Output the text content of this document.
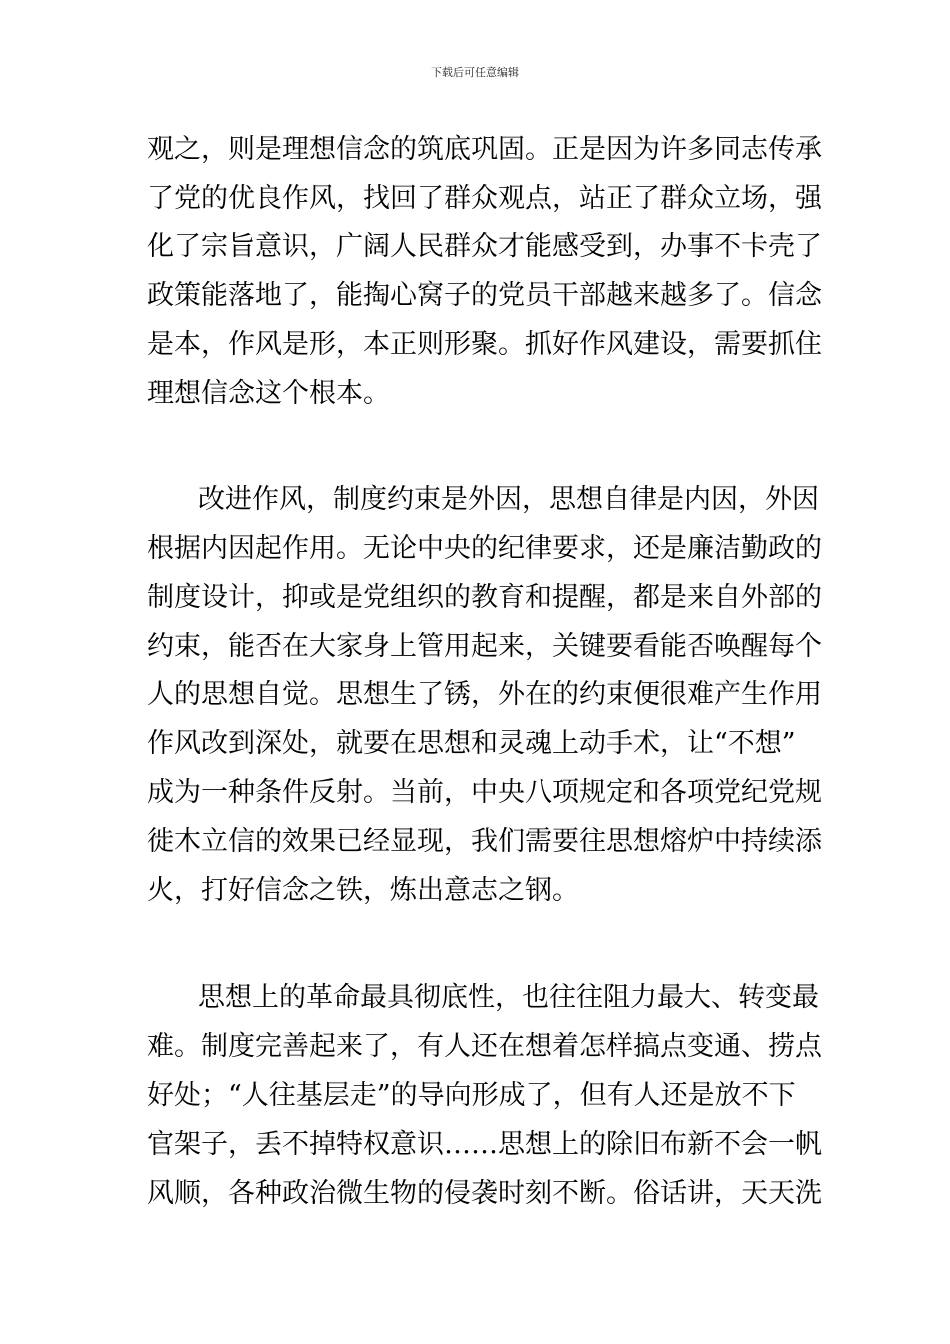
下载后可任意编辑
观之，则是理想信念的筑底巩固。正是因为许多同志传承
了党的优良作风，找回了群众观点，站正了群众立场，强
化了宗旨意识，广阔人民群众才能感受到，办事不卡壳了
政策能落地了，能掏心窝子的党员干部越来越多了。信念
是本，作风是形，本正则形聚。抓好作风建设，需要抓住
理想信念这个根本。
改进作风，制度约束是外因，思想自律是内因，外因
根据内因起作用。无论中央的纪律要求，还是廉洁勤政的
制度设计，抑或是党组织的教育和提醒，都是来自外部的
约束，能否在大家身上管用起来，关键要看能否唤醒每个
人的思想自觉。思想生了锈，外在的约束便很难产生作用
作风改到深处，就要在思想和灵魂上动手术，让“不想”
成为一种条件反射。当前，中央八项规定和各项党纪党规
徙木立信的效果已经显现，我们需要往思想熔炉中持续添
火，打好信念之铁，炼出意志之钢。
思想上的革命最具彻底性，也往往阻力最大、转变最
难。制度完善起来了，有人还在想着怎样搞点变通、捞点
好处；“人往基层走”的导向形成了，但有人还是放不下
官架子，丢不掉特权意识……思想上的除旧布新不会一帆
风顺，各种政治微生物的侵袭时刻不断。俗话讲，天天洗
